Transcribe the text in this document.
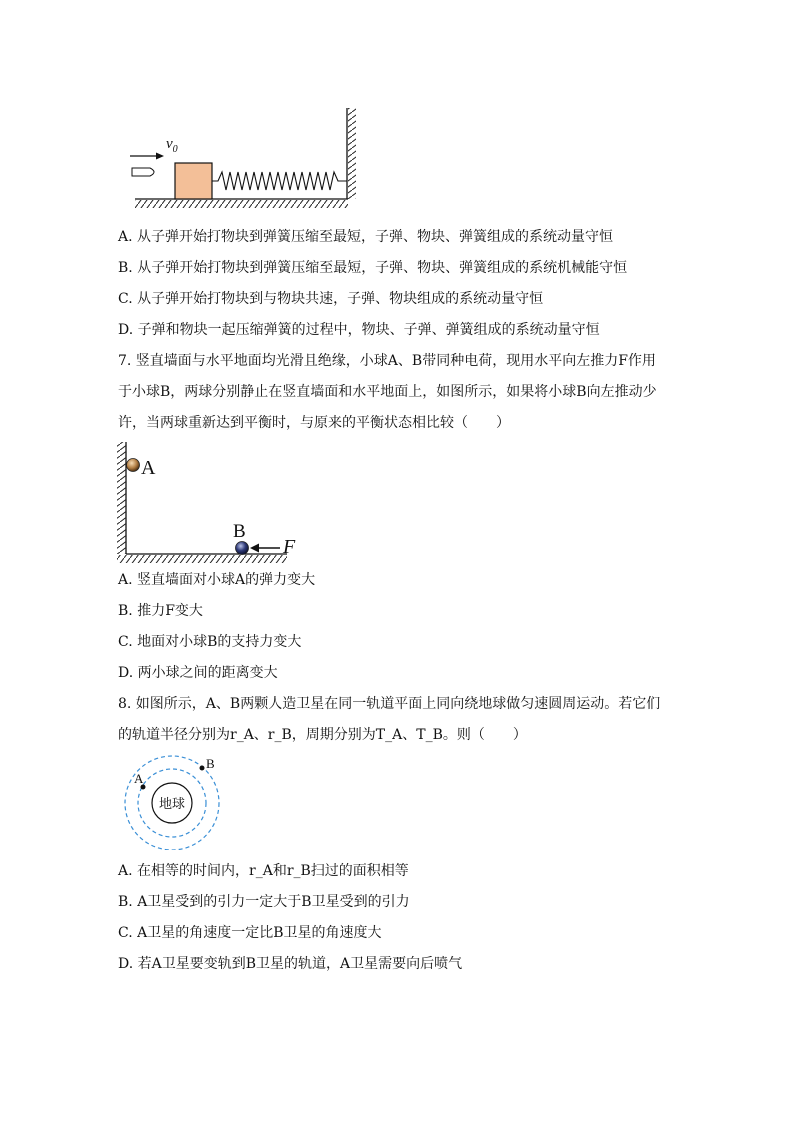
$v_0$
A. 从子弹开始打物块到弹簧压缩至最短，子弹、物块、弹簧组成的系统动量守恒
B. 从子弹开始打物块到弹簧压缩至最短，子弹、物块、弹簧组成的系统机械能守恒
C. 从子弹开始打物块到与物块共速，子弹、物块组成的系统动量守恒
D. 子弹和物块一起压缩弹簧的过程中，物块、子弹、弹簧组成的系统动量守恒
7. 竖直墙面与水平地面均光滑且绝缘，小球A、B带同种电荷，现用水平向左推力F作用
于小球B，两球分别静止在竖直墙面和水平地面上，如图所示，如果将小球B向左推动少
许，当两球重新达到平衡时，与原来的平衡状态相比较（　　）
A
B
F
A. 竖直墙面对小球A的弹力变大
B. 推力F变大
C. 地面对小球B的支持力变大
D. 两小球之间的距离变大
8. 如图所示，A、B两颗人造卫星在同一轨道平面上同向绕地球做匀速圆周运动。若它们
的轨道半径分别为r_A、r_B，周期分别为T_A、T_B。则（　　）
地球
A
B
A. 在相等的时间内，r_A和r_B扫过的面积相等
B. A卫星受到的引力一定大于B卫星受到的引力
C. A卫星的角速度一定比B卫星的角速度大
D. 若A卫星要变轨到B卫星的轨道，A卫星需要向后喷气
